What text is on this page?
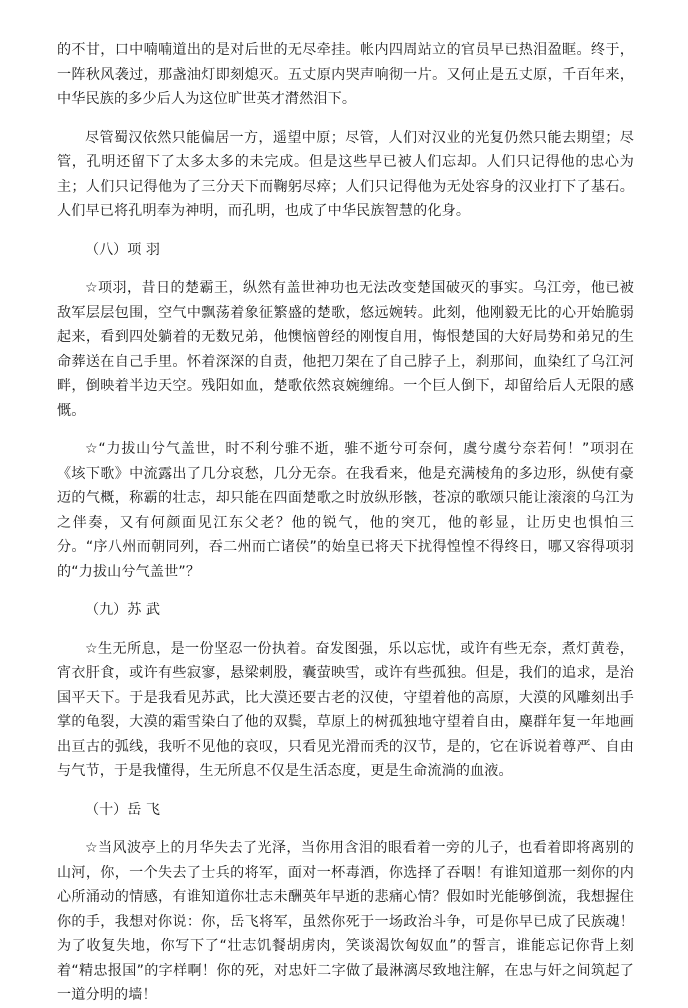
的不甘，口中喃喃道出的是对后世的无尽牵挂。帐内四周站立的官员早已热泪盈眶。终于，一阵秋风袭过，那盏油灯即刻熄灭。五丈原内哭声响彻一片。又何止是五丈原，千百年来，中华民族的多少后人为这位旷世英才潸然泪下。

尽管蜀汉依然只能偏居一方，遥望中原；尽管，人们对汉业的光复仍然只能去期望；尽管，孔明还留下了太多太多的未完成。但是这些早已被人们忘却。人们只记得他的忠心为主；人们只记得他为了三分天下而鞠躬尽瘁；人们只记得他为无处容身的汉业打下了基石。人们早已将孔明奉为神明，而孔明，也成了中华民族智慧的化身。

（八）项 羽

☆项羽，昔日的楚霸王，纵然有盖世神功也无法改变楚国破灭的事实。乌江旁，他已被敌军层层包围，空气中飘荡着象征繁盛的楚歌，悠远婉转。此刻，他刚毅无比的心开始脆弱起来，看到四处躺着的无数兄弟，他懊恼曾经的刚愎自用，悔恨楚国的大好局势和弟兄的生命葬送在自己手里。怀着深深的自责，他把刀架在了自己脖子上，刹那间，血染红了乌江河畔，倒映着半边天空。残阳如血，楚歌依然哀婉缠绵。一个巨人倒下，却留给后人无限的感慨。

☆“力拔山兮气盖世，时不利兮骓不逝，骓不逝兮可奈何，虞兮虞兮奈若何！”项羽在《垓下歌》中流露出了几分哀愁，几分无奈。在我看来，他是充满棱角的多边形，纵使有豪迈的气概，称霸的壮志，却只能在四面楚歌之时放纵形骸，苍凉的歌颂只能让滚滚的乌江为之伴奏，又有何颜面见江东父老？他的锐气，他的突兀，他的彰显，让历史也惧怕三分。“序八州而朝同列，吞二州而亡诸侯”的始皇已将天下扰得惶惶不得终日，哪又容得项羽的“力拔山兮气盖世”？

（九）苏 武

☆生无所息，是一份坚忍一份执着。奋发图强，乐以忘忧，或许有些无奈，煮灯黄卷，宵衣肝食，或许有些寂寥，悬梁刺股，囊萤映雪，或许有些孤独。但是，我们的追求，是治国平天下。于是我看见苏武，比大漠还要古老的汉使，守望着他的高原，大漠的风雕刻出手掌的龟裂，大漠的霜雪染白了他的双鬓，草原上的树孤独地守望着自由，麋群年复一年地画出亘古的弧线，我听不见他的哀叹，只看见光滑而秃的汉节，是的，它在诉说着尊严、自由与气节，于是我懂得，生无所息不仅是生活态度，更是生命流淌的血液。

（十）岳 飞

☆当风波亭上的月华失去了光泽，当你用含泪的眼看着一旁的儿子，也看着即将离别的山河，你，一个失去了士兵的将军，面对一杯毒酒，你选择了吞咽！有谁知道那一刻你的内心所涌动的情感，有谁知道你壮志未酬英年早逝的悲痛心情？假如时光能够倒流，我想握住你的手，我想对你说：你，岳飞将军，虽然你死于一场政治斗争，可是你早已成了民族魂！为了收复失地，你写下了“壮志饥餐胡虏肉，笑谈渴饮匈奴血”的誓言，谁能忘记你背上刻着“精忠报国”的字样啊！你的死，对忠奸二字做了最淋漓尽致地注解，在忠与奸之间筑起了一道分明的墙！
